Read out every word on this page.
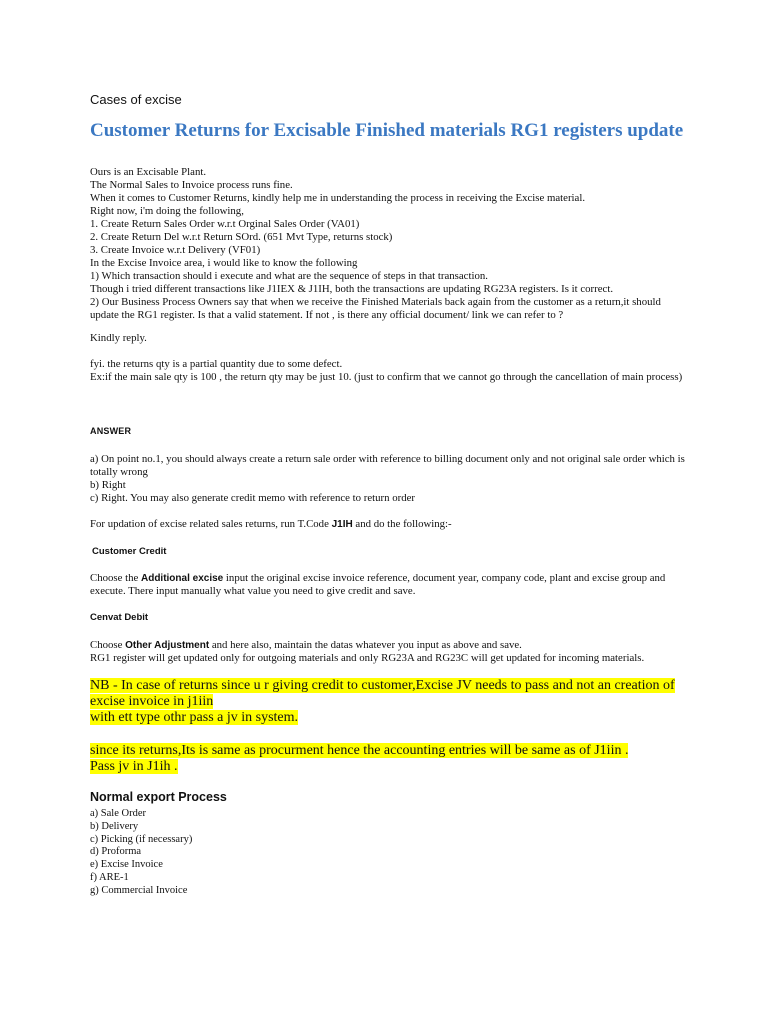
Cases of excise
Customer Returns for Excisable Finished materials RG1 registers update

Ours is an Excisable Plant.

The Normal Sales to Invoice process runs fine.

When it comes to Customer Returns, kindly help me in understanding the process in receiving the Excise material.

Right now, i'm doing the following,

1. Create Return Sales Order w.r.t Orginal Sales Order (VA01)

2. Create Return Del w.r.t Return SOrd. (651 Mvt Type, returns stock)

3. Create Invoice w.r.t Delivery (VF01)

In the Excise Invoice area, i would like to know the following

1) Which transaction should i execute and what are the sequence of steps in that transaction.

Though i tried different transactions like J1IEX & J1IH, both the transactions are updating RG23A registers. Is it correct.

2) Our Business Process Owners say that when we receive the Finished Materials back again from the customer as a return,it should update the RG1 register. Is that a valid statement. If not , is there any official document/ link we can refer to ?

Kindly reply.

fyi. the returns qty is a partial quantity due to some defect.

Ex:if the main sale qty is 100 , the return qty may be just 10. (just to confirm that we cannot go through the cancellation of main process)

ANSWER

a) On point no.1, you should always create a return sale order with reference to billing document only and not original sale order which is totally wrong

b) Right

c) Right. You may also generate credit memo with reference to return order

For updation of excise related sales returns, run T.Code J1IH and do the following:-
Customer Credit
Choose the Additional excise input the original excise invoice reference, document year, company code, plant and excise group and execute. There input manually what value you need to give credit and save.
Cenvat Debit

Choose Other Adjustment and here also, maintain the datas whatever you input as above and save.

RG1 register will get updated only for outgoing materials and only RG23A and RG23C will get updated for incoming materials.

NB - In case of returns since u r giving credit to customer,Excise JV needs to pass and not an creation of excise invoice in j1iin

with ett type othr pass a jv in system.

since its returns,Its is same as procurment hence the accounting entries will be same as of J1iin .

Pass jv in J1ih .

Normal export Process
a) Sale Order
b) Delivery
c) Picking (if necessary)
d) Proforma
e) Excise Invoice
f) ARE-1
g) Commercial Invoice
